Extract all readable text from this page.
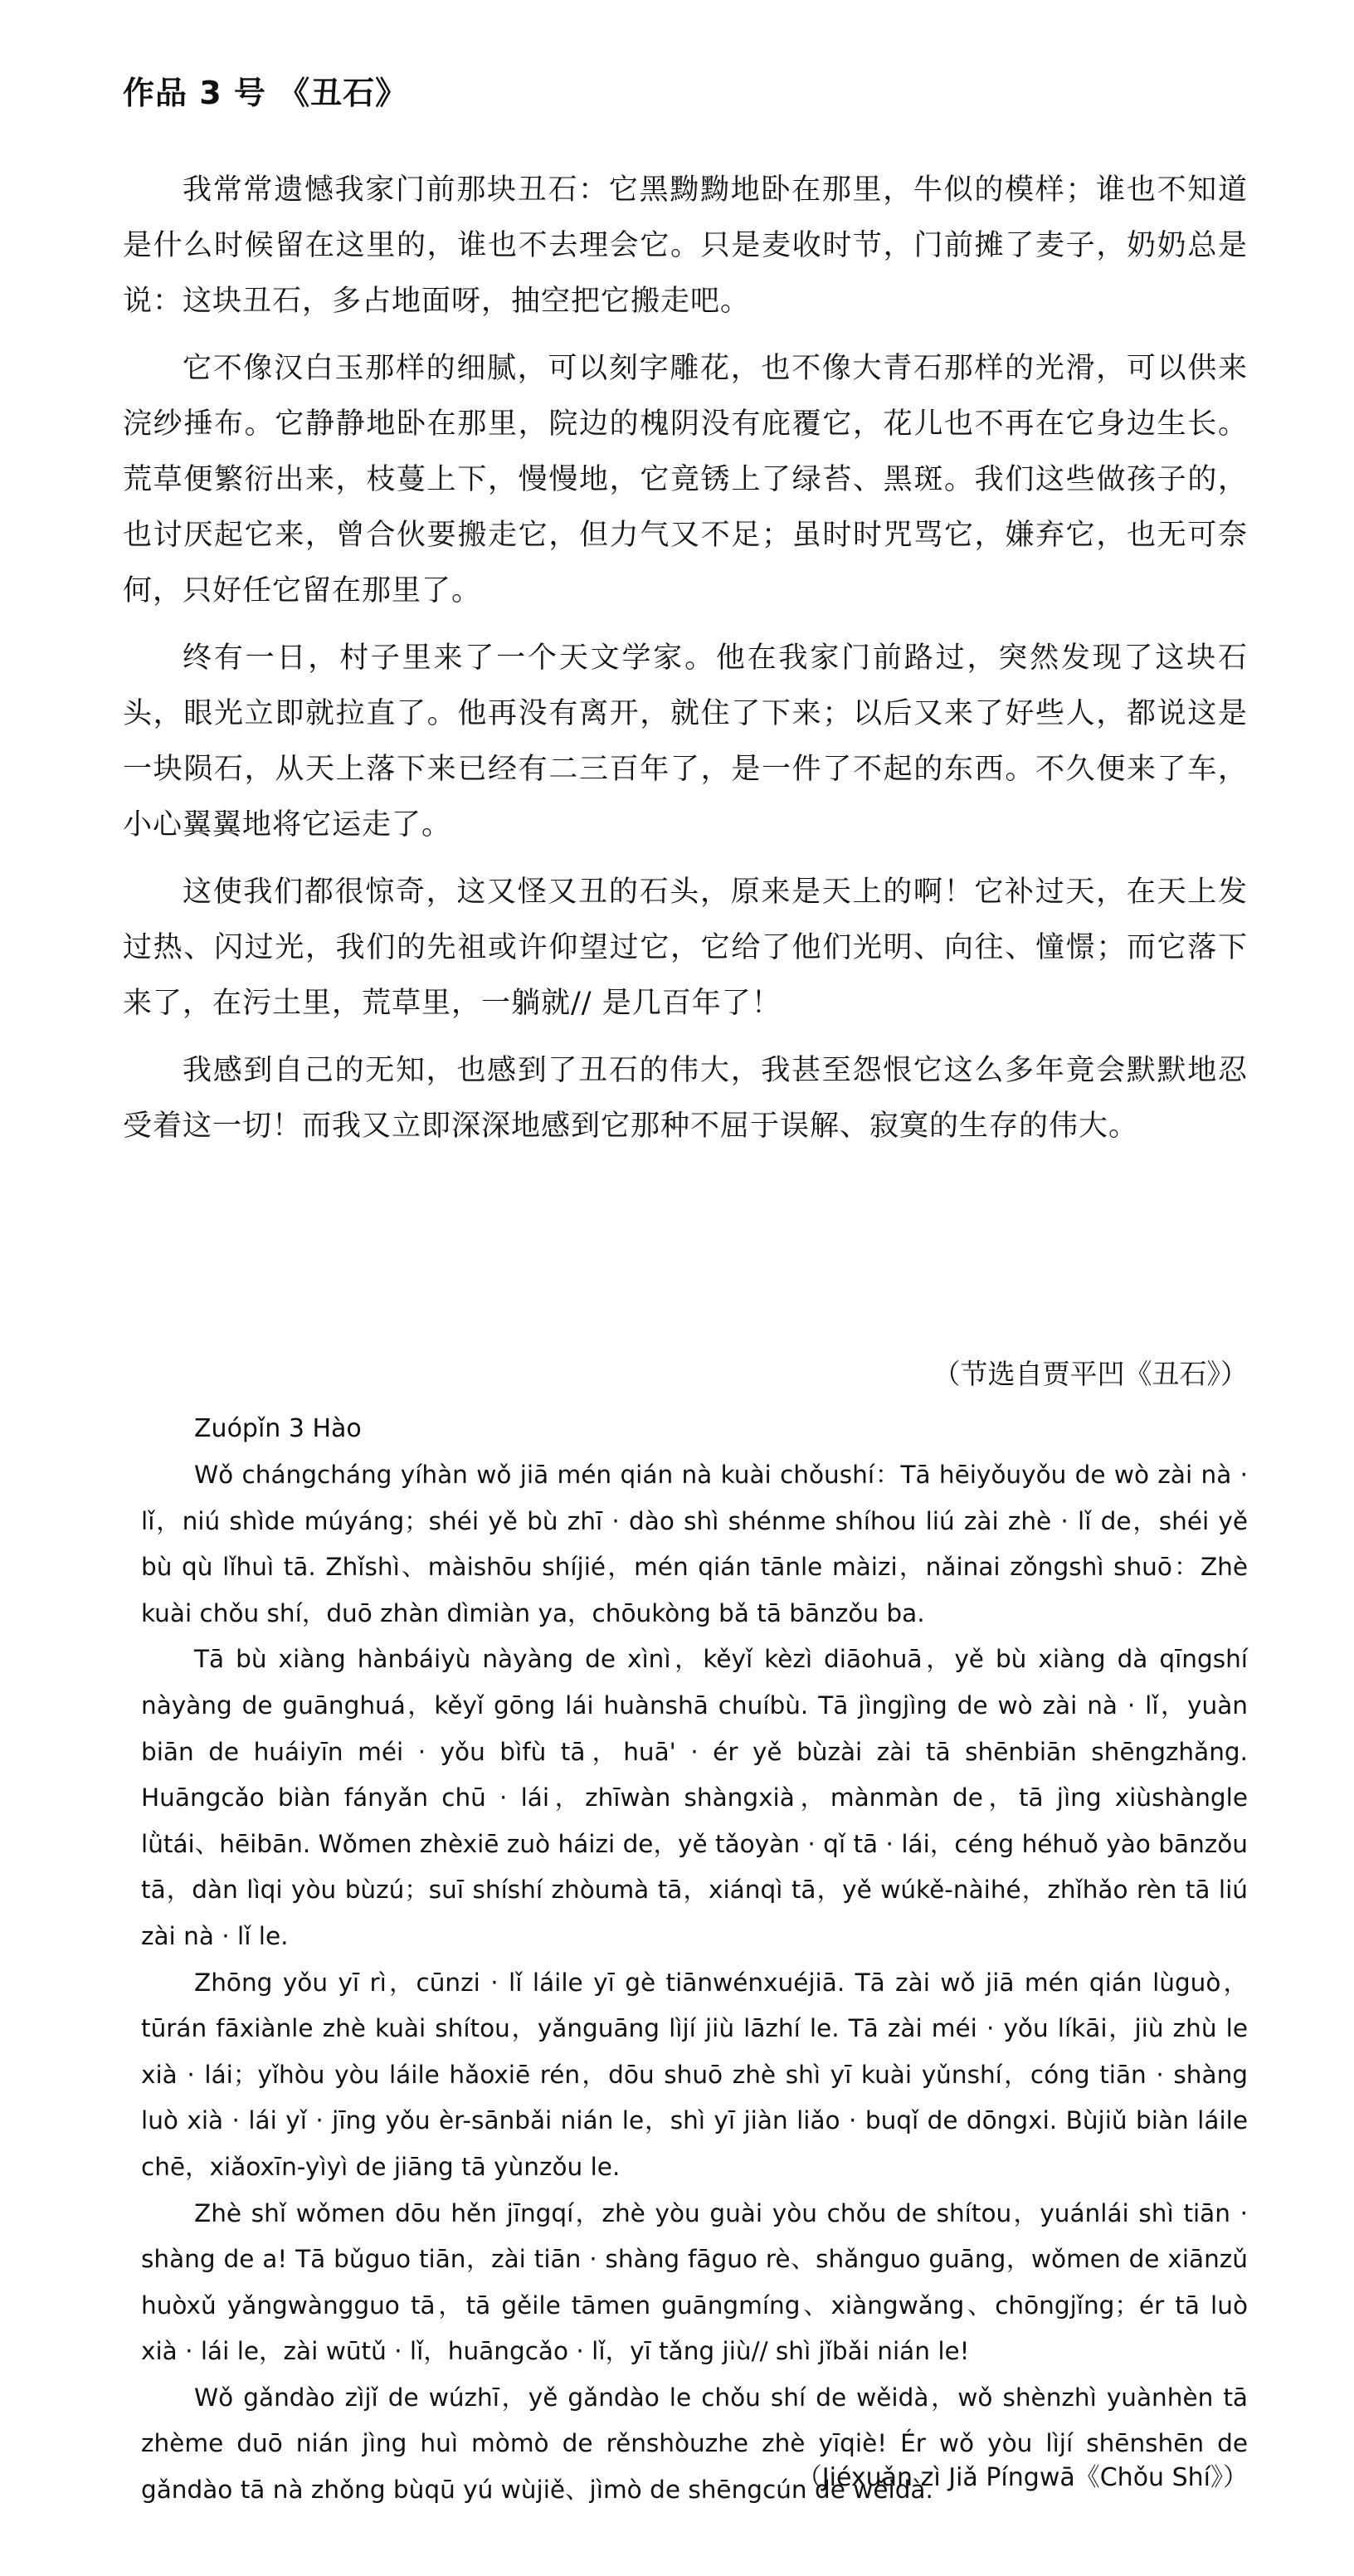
作品 3 号 《丑石》

我常常遗憾我家门前那块丑石：它黑黝黝地卧在那里，牛似的模样；谁也不知道是什么时候留在这里的，谁也不去理会它。只是麦收时节，门前摊了麦子，奶奶总是说：这块丑石，多占地面呀，抽空把它搬走吧。

它不像汉白玉那样的细腻，可以刻字雕花，也不像大青石那样的光滑，可以供来浣纱捶布。它静静地卧在那里，院边的槐阴没有庇覆它，花儿也不再在它身边生长。荒草便繁衍出来，枝蔓上下，慢慢地，它竟锈上了绿苔、黑斑。我们这些做孩子的，也讨厌起它来，曾合伙要搬走它，但力气又不足；虽时时咒骂它，嫌弃它，也无可奈何，只好任它留在那里了。

终有一日，村子里来了一个天文学家。他在我家门前路过，突然发现了这块石头，眼光立即就拉直了。他再没有离开，就住了下来；以后又来了好些人，都说这是一块陨石，从天上落下来已经有二三百年了，是一件了不起的东西。不久便来了车，小心翼翼地将它运走了。

这使我们都很惊奇，这又怪又丑的石头，原来是天上的啊！它补过天，在天上发过热、闪过光，我们的先祖或许仰望过它，它给了他们光明、向往、憧憬；而它落下来了，在污土里，荒草里，一躺就// 是几百年了！

我感到自己的无知，也感到了丑石的伟大，我甚至怨恨它这么多年竟会默默地忍受着这一切！而我又立即深深地感到它那种不屈于误解、寂寞的生存的伟大。

（节选自贾平凹《丑石》）
Zuópǐn 3 Hào

Wǒ chángcháng yíhàn wǒ jiā mén qián nà kuài chǒushí：Tā hēiyǒuyǒu de wò zài nà · lǐ，niú shìde múyáng；shéi yě bù zhī · dào shì shénme shíhou liú zài zhè · lǐ de，shéi yě bù qù lǐhuì tā. Zhǐshì、màishōu shíjié，mén qián tānle màizi，nǎinai zǒngshì shuō：Zhè kuài chǒu shí，duō zhàn dìmiàn ya，chōukòng bǎ tā bānzǒu ba.

Tā bù xiàng hànbáiyù nàyàng de xìnì，kěyǐ kèzì diāohuā，yě bù xiàng dà qīngshí nàyàng de guānghuá，kěyǐ gōng lái huànshā chuíbù. Tā jìngjìng de wò zài nà · lǐ，yuàn biān de huáiyīn méi · yǒu bìfù tā，huā' · ér yě bùzài zài tā shēnbiān shēngzhǎng. Huāngcǎo biàn fányǎn chū · lái，zhīwàn shàngxià，mànmàn de，tā jìng xiùshàngle lǜtái、hēibān. Wǒmen zhèxiē zuò háizi de，yě tǎoyàn · qǐ tā · lái，céng héhuǒ yào bānzǒu tā，dàn lìqi yòu bùzú；suī shíshí zhòumà tā，xiánqì tā，yě wúkě-nàihé，zhǐhǎo rèn tā liú zài nà · lǐ le.

Zhōng yǒu yī rì，cūnzi · lǐ láile yī gè tiānwénxuéjiā. Tā zài wǒ jiā mén qián lùguò，tūrán fāxiànle zhè kuài shítou，yǎnguāng lìjí jiù lāzhí le. Tā zài méi · yǒu líkāi，jiù zhù le xià · lái；yǐhòu yòu láile hǎoxiē rén，dōu shuō zhè shì yī kuài yǔnshí，cóng tiān · shàng luò xià · lái yǐ · jīng yǒu èr-sānbǎi nián le，shì yī jiàn liǎo · buqǐ de dōngxi. Bùjiǔ biàn láile chē，xiǎoxīn-yìyì de jiāng tā yùnzǒu le.

Zhè shǐ wǒmen dōu hěn jīngqí，zhè yòu guài yòu chǒu de shítou，yuánlái shì tiān · shàng de a! Tā bǔguo tiān，zài tiān · shàng fāguo rè、shǎnguo guāng，wǒmen de xiānzǔ huòxǔ yǎngwàngguo tā，tā gěile tāmen guāngmíng、xiàngwǎng、chōngjǐng；ér tā luò xià · lái le，zài wūtǔ · lǐ，huāngcǎo · lǐ，yī tǎng jiù// shì jǐbǎi nián le!

Wǒ gǎndào zìjǐ de wúzhī，yě gǎndào le chǒu shí de wěidà，wǒ shènzhì yuànhèn tā zhème duō nián jìng huì mòmò de rěnshòuzhe zhè yīqiè! Ér wǒ yòu lìjí shēnshēn de gǎndào tā nà zhǒng bùqū yú wùjiě、jìmò de shēngcún de wěidà.

（Jiéxuǎn zì Jiǎ Píngwā《Chǒu Shí》）
